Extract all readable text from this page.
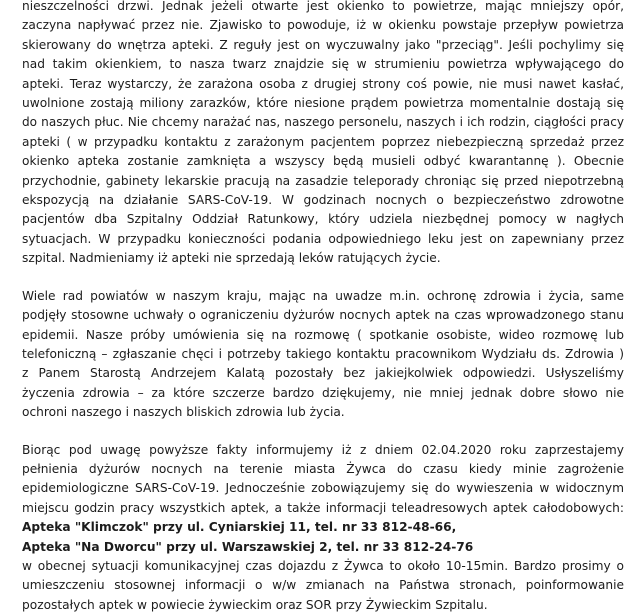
nieszczelności drzwi. Jednak jeżeli otwarte jest okienko to powietrze, mając mniejszy opór,
zaczyna napływać przez nie. Zjawisko to powoduje, iż w okienku powstaje przepływ powietrza
skierowany do wnętrza apteki. Z reguły jest on wyczuwalny jako "przeciąg". Jeśli pochylimy się
nad takim okienkiem, to nasza twarz znajdzie się w strumieniu powietrza wpływającego do
apteki. Teraz wystarczy, że zarażona osoba z drugiej strony coś powie, nie musi nawet kasłać,
uwolnione zostają miliony zarazków, które niesione prądem powietrza momentalnie dostają się
do naszych płuc. Nie chcemy narażać nas, naszego personelu, naszych i ich rodzin, ciągłości pracy
apteki ( w przypadku kontaktu z zarażonym pacjentem poprzez niebezpieczną sprzedaż przez
okienko apteka zostanie zamknięta a wszyscy będą musieli odbyć kwarantannę ). Obecnie
przychodnie, gabinety lekarskie pracują na zasadzie teleporady chroniąc się przed niepotrzebną
ekspozycją na działanie SARS-CoV-19. W godzinach nocnych o bezpieczeństwo zdrowotne
pacjentów dba Szpitalny Oddział Ratunkowy, który udziela niezbędnej pomocy w nagłych
sytuacjach. W przypadku konieczności podania odpowiedniego leku jest on zapewniany przez
szpital. Nadmieniamy iż apteki nie sprzedają leków ratujących życie.
Wiele rad powiatów w naszym kraju, mając na uwadze m.in. ochronę zdrowia i życia, same
podjęły stosowne uchwały o ograniczeniu dyżurów nocnych aptek na czas wprowadzonego stanu
epidemii. Nasze próby umówienia się na rozmowę ( spotkanie osobiste, wideo rozmowę lub
telefoniczną – zgłaszanie chęci i potrzeby takiego kontaktu pracownikom Wydziału ds. Zdrowia )
z Panem Starostą Andrzejem Kalatą pozostały bez jakiejkolwiek odpowiedzi. Usłyszeliśmy
życzenia zdrowia – za które szczerze bardzo dziękujemy, nie mniej jednak dobre słowo nie
ochroni naszego i naszych bliskich zdrowia lub życia.
Biorąc pod uwagę powyższe fakty informujemy iż z dniem 02.04.2020 roku zaprzestajemy
pełnienia dyżurów nocnych na terenie miasta Żywca do czasu kiedy minie zagrożenie
epidemiologiczne SARS-CoV-19. Jednocześnie zobowiązujemy się do wywieszenia w widocznym
miejscu godzin pracy wszystkich aptek, a także informacji teleadresowych aptek całodobowych:
Apteka "Klimczok" przy ul. Cyniarskiej 11, tel. nr 33 812-48-66,
Apteka "Na Dworcu" przy ul. Warszawskiej 2, tel. nr 33 812-24-76
w obecnej sytuacji komunikacyjnej czas dojazdu z Żywca to około 10-15min. Bardzo prosimy o
umieszczeniu stosownej informacji o w/w zmianach na Państwa stronach, poinformowanie
pozostałych aptek w powiecie żywieckim oraz SOR przy Żywieckim Szpitalu.
